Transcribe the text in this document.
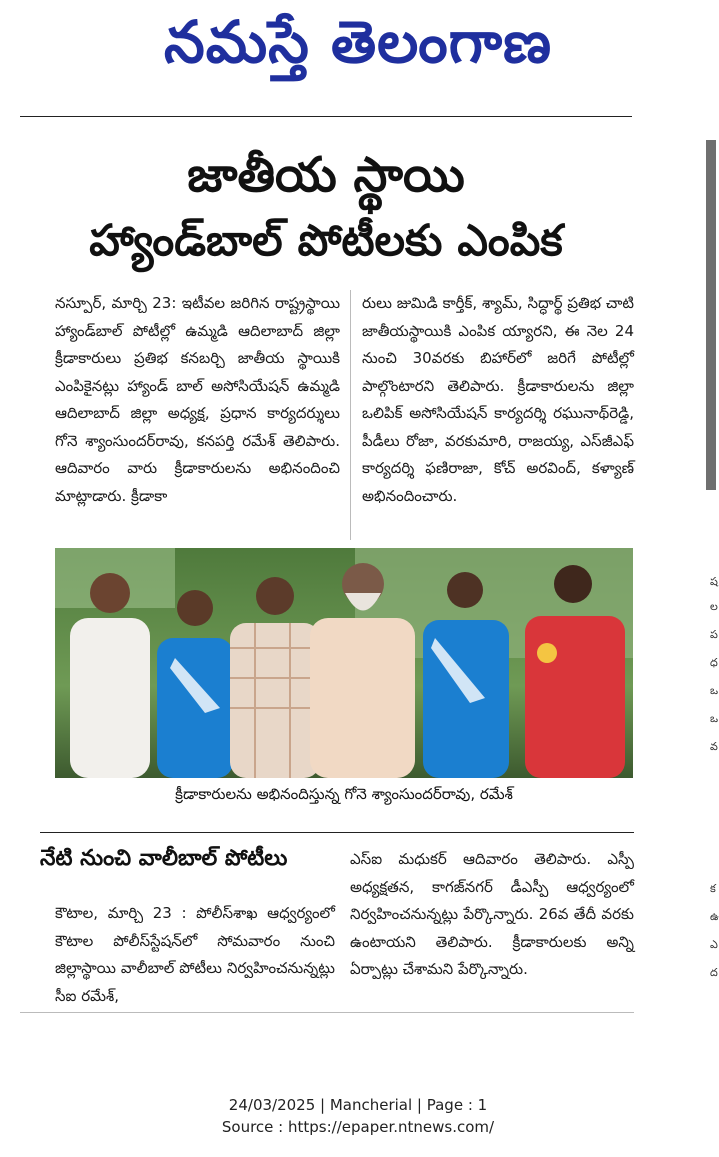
నమస్తే తెలంగాణ
జాతీయ స్థాయి
హ్యాండ్‌బాల్ పోటీలకు ఎంపిక

నస్పూర్, మార్చి 23: ఇటీవల జరిగిన రాష్ట్రస్థాయి హ్యాండ్‌బాల్ పోటీల్లో ఉమ్మడి ఆదిలాబాద్ జిల్లా క్రీడాకారులు ప్రతిభ కనబర్చి జాతీయ స్థాయికి ఎంపికైనట్లు హ్యాండ్ బాల్ అసోసియేషన్ ఉమ్మడి ఆదిలాబాద్ జిల్లా అధ్యక్ష, ప్రధాన కార్యదర్శులు గోనె శ్యాంసుందర్‌రావు, కనపర్తి రమేశ్ తెలిపారు. ఆదివారం వారు క్రీడాకారులను అభినందించి మాట్లాడారు. క్రీడాకా

రులు జుమిడి కార్తీక్, శ్యామ్, సిద్ధార్థ్ ప్రతిభ చాటి జాతీయస్థాయికి ఎంపిక య్యారని, ఈ నెల 24 నుంచి 30వరకు బిహార్‌లో జరిగే పోటీల్లో పాల్గొంటారని తెలిపారు. క్రీడాకారులను జిల్లా ఒలిపిక్ అసోసియేషన్ కార్యదర్శి రఘునాథ్‌రెడ్డి, పీడీలు రోజా, వరకుమారి, రాజయ్య, ఎస్‌జీఎఫ్ కార్యదర్శి ఫణిరాజా, కోచ్ అరవింద్, కళ్యాణ్ అభినందించారు.

క్రీడాకారులను అభినందిస్తున్న గోనె శ్యాంసుందర్‌రావు, రమేశ్
నేటి నుంచి వాలీబాల్ పోటీలు

కౌటాల, మార్చి 23 : పోలీస్‌శాఖ ఆధ్వర్యంలో కౌటాల పోలీస్‌స్టేషన్‌లో సోమవారం నుంచి జిల్లాస్థాయి వాలీబాల్ పోటీలు నిర్వహించనున్నట్లు సీఐ రమేశ్,

ఎస్‌ఐ మధుకర్ ఆదివారం తెలిపారు. ఎస్పీ అధ్యక్షతన, కాగజ్‌నగర్ డీఎస్పీ ఆధ్వర్యంలో నిర్వహించనున్నట్లు పేర్కొన్నారు. 26వ తేదీ వరకు ఉంటాయని తెలిపారు. క్రీడాకారులకు అన్ని ఏర్పాట్లు చేశామని పేర్కొన్నారు.

24/03/2025 | Mancherial | Page : 1
Source : https://epaper.ntnews.com/
ష
ల
ప
ధ
ఒ
ఒ
వ
క
ఉ
ఎ
ద
